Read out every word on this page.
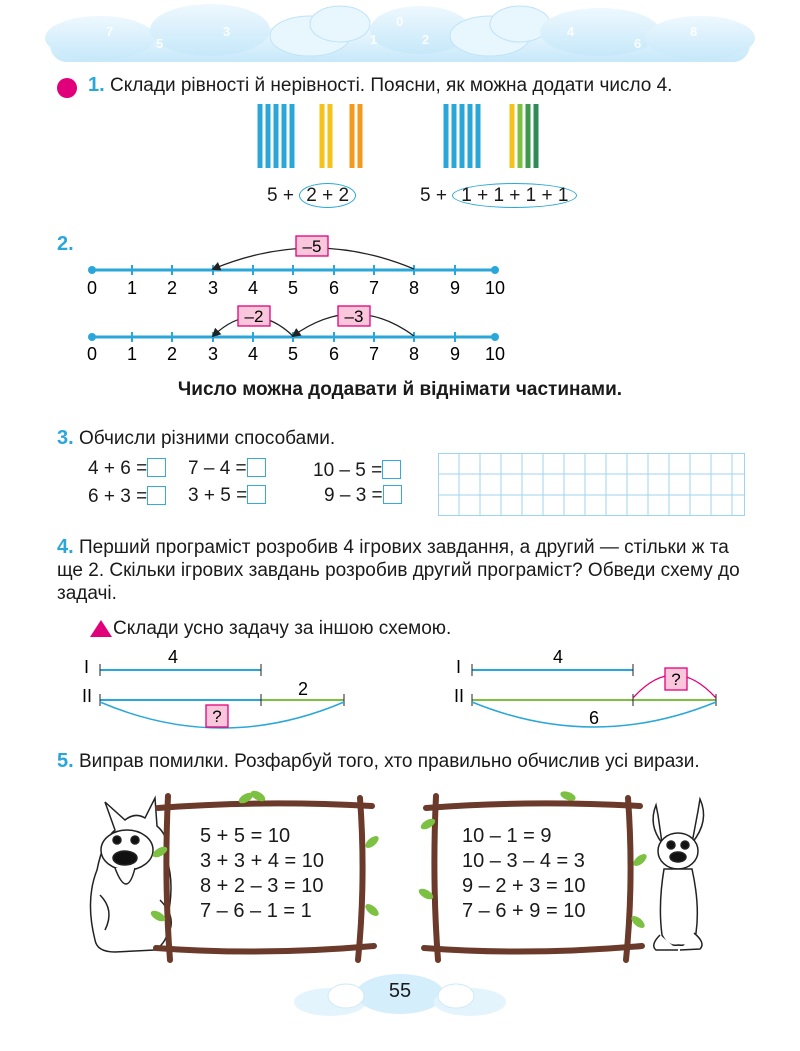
7
5
3
1
0
2
4
6
8
1. Склади рівності й нерівності. Поясни, як можна додати число 4.
5 + 2 + 2	5 + 1 + 1 + 1 + 1
2.	–5
0 1 2 3 4 5 6 7 8 9 10
–2	–3
0 1 2 3 4 5 6 7 8 9 10
Число можна додавати й віднімати частинами.
3. Обчисли різними способами.
4 + 6 =	7 – 4 =	10 – 5 =
6 + 3 =	3 + 5 =	9 – 3 =
4. Перший програміст розробив 4 ігрових завдання, а другий — стільки ж та ще 2. Скільки ігрових завдань розробив другий програміст? Обведи схему до задачі.
Склади усно задачу за іншою схемою.
I
II
4
2
?
I
II
4
?
6
5. Виправ помилки. Розфарбуй того, хто правильно обчислив усі вирази.
5 + 5 = 10
3 + 3 + 4 = 10
8 + 2 – 3 = 10
7 – 6 – 1 = 1
10 – 1 = 9
10 – 3 – 4 = 3
9 – 2 + 3 = 10
7 – 6 + 9 = 10
55
